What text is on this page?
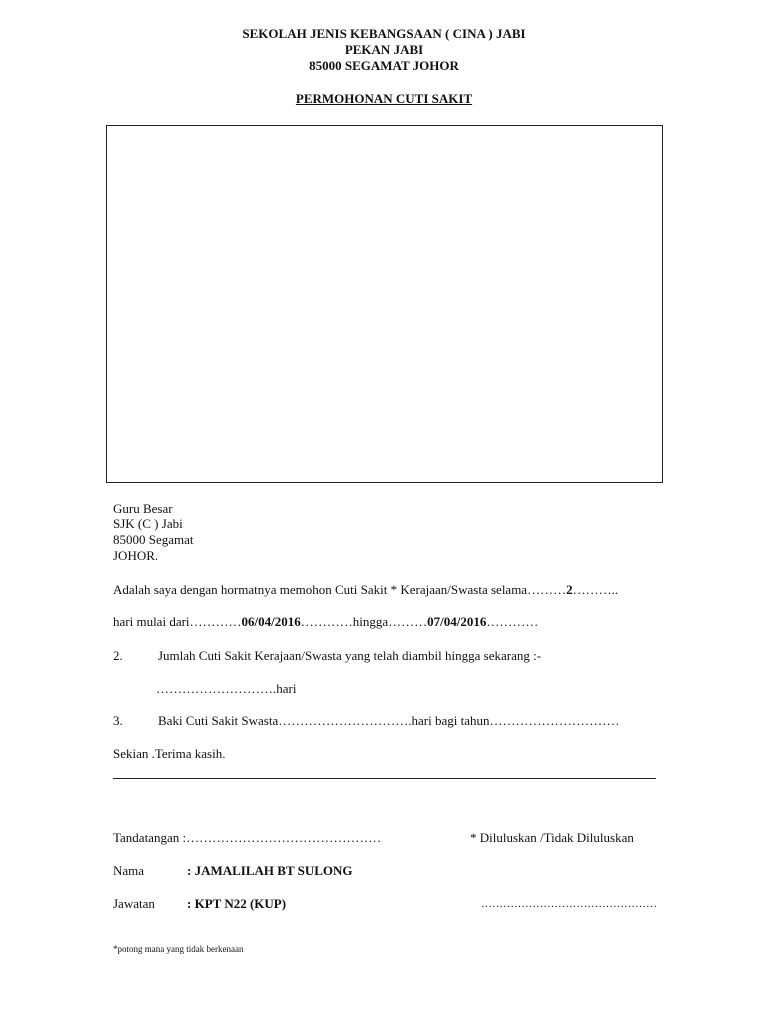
SEKOLAH JENIS KEBANGSAAN ( CINA ) JABI
PEKAN JABI
85000 SEGAMAT JOHOR
PERMOHONAN CUTI SAKIT
Guru Besar
SJK (C ) Jabi
85000 Segamat
JOHOR.
Adalah saya dengan hormatnya memohon Cuti Sakit * Kerajaan/Swasta selama………2………..
hari mulai dari…………06/04/2016…………hingga………07/04/2016…………
2.	Jumlah Cuti Sakit Kerajaan/Swasta yang telah diambil hingga sekarang :-
……………………….hari
3.	Baki Cuti Sakit Swasta………………………….hari bagi tahun…………………………
Sekian .Terima kasih.
Tandatangan :………………………………………	* Diluluskan /Tidak Diluluskan
Nama	: JAMALILAH BT SULONG
Jawatan : KPT N22 (KUP)	…………………………………………
*potong mana yang tidak berkenaan
